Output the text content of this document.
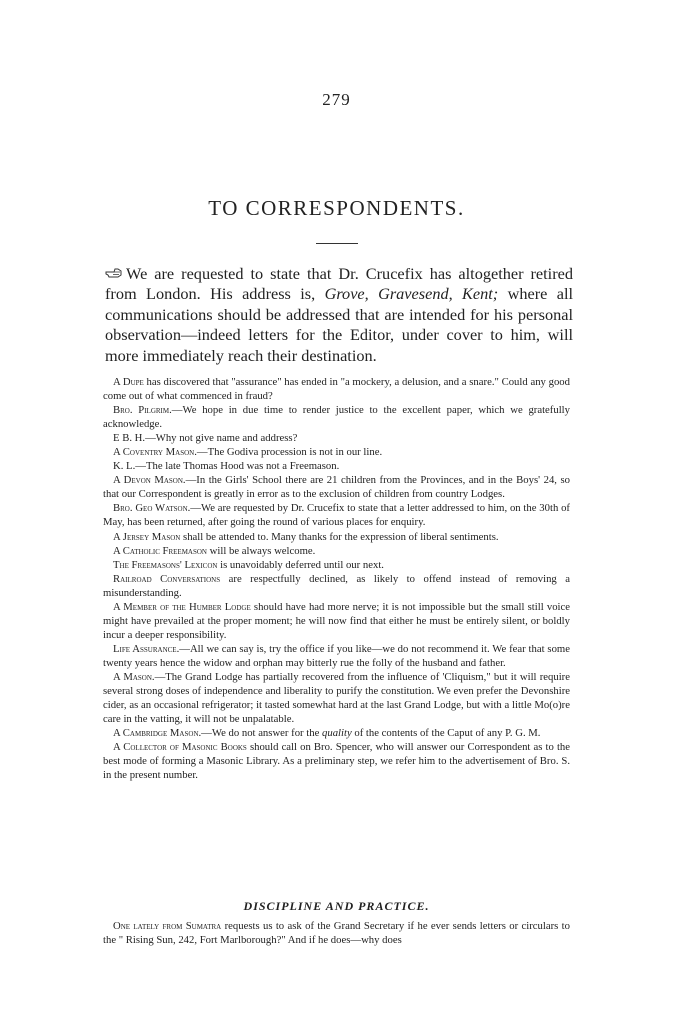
279
TO CORRESPONDENTS.

We are requested to state that Dr. Crucefix has altogether retired from London. His address is, Grove, Gravesend, Kent; where all communications should be addressed that are intended for his personal observation—indeed letters for the Editor, under cover to him, will more immediately reach their destination.

A Dupe has discovered that "assurance" has ended in "a mockery, a delusion, and a snare." Could any good come out of what commenced in fraud?

Bro. Pilgrim.—We hope in due time to render justice to the excellent paper, which we gratefully acknowledge.

E B. H.—Why not give name and address?

A Coventry Mason.—The Godiva procession is not in our line.

K. L.—The late Thomas Hood was not a Freemason.

A Devon Mason.—In the Girls' School there are 21 children from the Provinces, and in the Boys' 24, so that our Correspondent is greatly in error as to the exclusion of children from country Lodges.

Bro. Geo Watson.—We are requested by Dr. Crucefix to state that a letter addressed to him, on the 30th of May, has been returned, after going the round of various places for enquiry.

A Jersey Mason shall be attended to. Many thanks for the expression of liberal sentiments.

A Catholic Freemason will be always welcome.

The Freemasons' Lexicon is unavoidably deferred until our next.

Railroad Conversations are respectfully declined, as likely to offend instead of removing a misunderstanding.

A Member of the Humber Lodge should have had more nerve; it is not impossible but the small still voice might have prevailed at the proper moment; he will now find that either he must be entirely silent, or boldly incur a deeper responsibility.

Life Assurance.—All we can say is, try the office if you like—we do not recommend it. We fear that some twenty years hence the widow and orphan may bitterly rue the folly of the husband and father.

A Mason.—The Grand Lodge has partially recovered from the influence of 'Cliquism," but it will require several strong doses of independence and liberality to purify the constitution. We even prefer the Devonshire cider, as an occasional refrigerator; it tasted somewhat hard at the last Grand Lodge, but with a little Mo(o)re care in the vatting, it will not be unpalatable.

A Cambridge Mason.—We do not answer for the quality of the contents of the Caput of any P. G. M.

A Collector of Masonic Books should call on Bro. Spencer, who will answer our Correspondent as to the best mode of forming a Masonic Library. As a preliminary step, we refer him to the advertisement of Bro. S. in the present number.

DISCIPLINE AND PRACTICE.

One lately from Sumatra requests us to ask of the Grand Secretary if he ever sends letters or circulars to the " Rising Sun, 242, Fort Marlborough?" And if he does—why does
